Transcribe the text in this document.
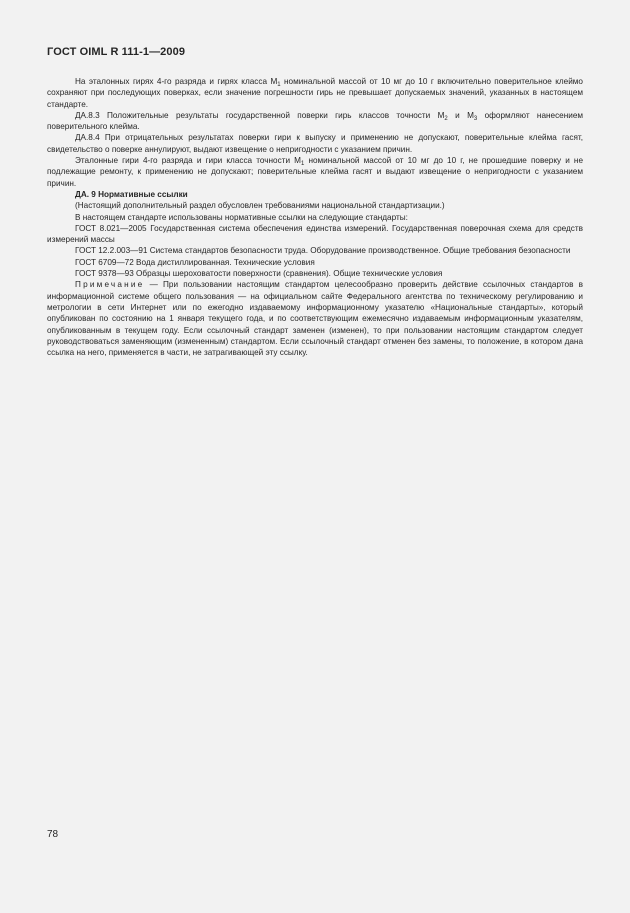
ГОСТ OIML R 111-1—2009

На эталонных гирях 4-го разряда и гирях класса $M_1$ номинальной массой от 10 мг до 10 г включительно поверительное клеймо сохраняют при последующих поверках, если значение погрешности гирь не превышает допускаемых значений, указанных в настоящем стандарте.

ДА.8.3 Положительные результаты государственной поверки гирь классов точности $M_2$ и $M_3$ оформляют нанесением поверительного клейма.

ДА.8.4 При отрицательных результатах поверки гири к выпуску и применению не допускают, поверительные клейма гасят, свидетельство о поверке аннулируют, выдают извещение о непригодности с указанием причин.

Эталонные гири 4-го разряда и гири класса точности $M_1$ номинальной массой от 10 мг до 10 г, не прошедшие поверку и не подлежащие ремонту, к применению не допускают; поверительные клейма гасят и выдают извещение о непригодности с указанием причин.

ДА. 9 Нормативные ссылки

(Настоящий дополнительный раздел обусловлен требованиями национальной стандартизации.)

В настоящем стандарте использованы нормативные ссылки на следующие стандарты:

ГОСТ 8.021—2005 Государственная система обеспечения единства измерений. Государственная поверочная схема для средств измерений массы

ГОСТ 12.2.003—91 Система стандартов безопасности труда. Оборудование производственное. Общие требования безопасности

ГОСТ 6709—72 Вода дистиллированная. Технические условия

ГОСТ 9378—93 Образцы шероховатости поверхности (сравнения). Общие технические условия

Примечание — При пользовании настоящим стандартом целесообразно проверить действие ссылочных стандартов в информационной системе общего пользования — на официальном сайте Федерального агентства по техническому регулированию и метрологии в сети Интернет или по ежегодно издаваемому информационному указателю «Национальные стандарты», который опубликован по состоянию на 1 января текущего года, и по соответствующим ежемесячно издаваемым информационным указателям, опубликованным в текущем году. Если ссылочный стандарт заменен (изменен), то при пользовании настоящим стандартом следует руководствоваться заменяющим (измененным) стандартом. Если ссылочный стандарт отменен без замены, то положение, в котором дана ссылка на него, применяется в части, не затрагивающей эту ссылку.

78
